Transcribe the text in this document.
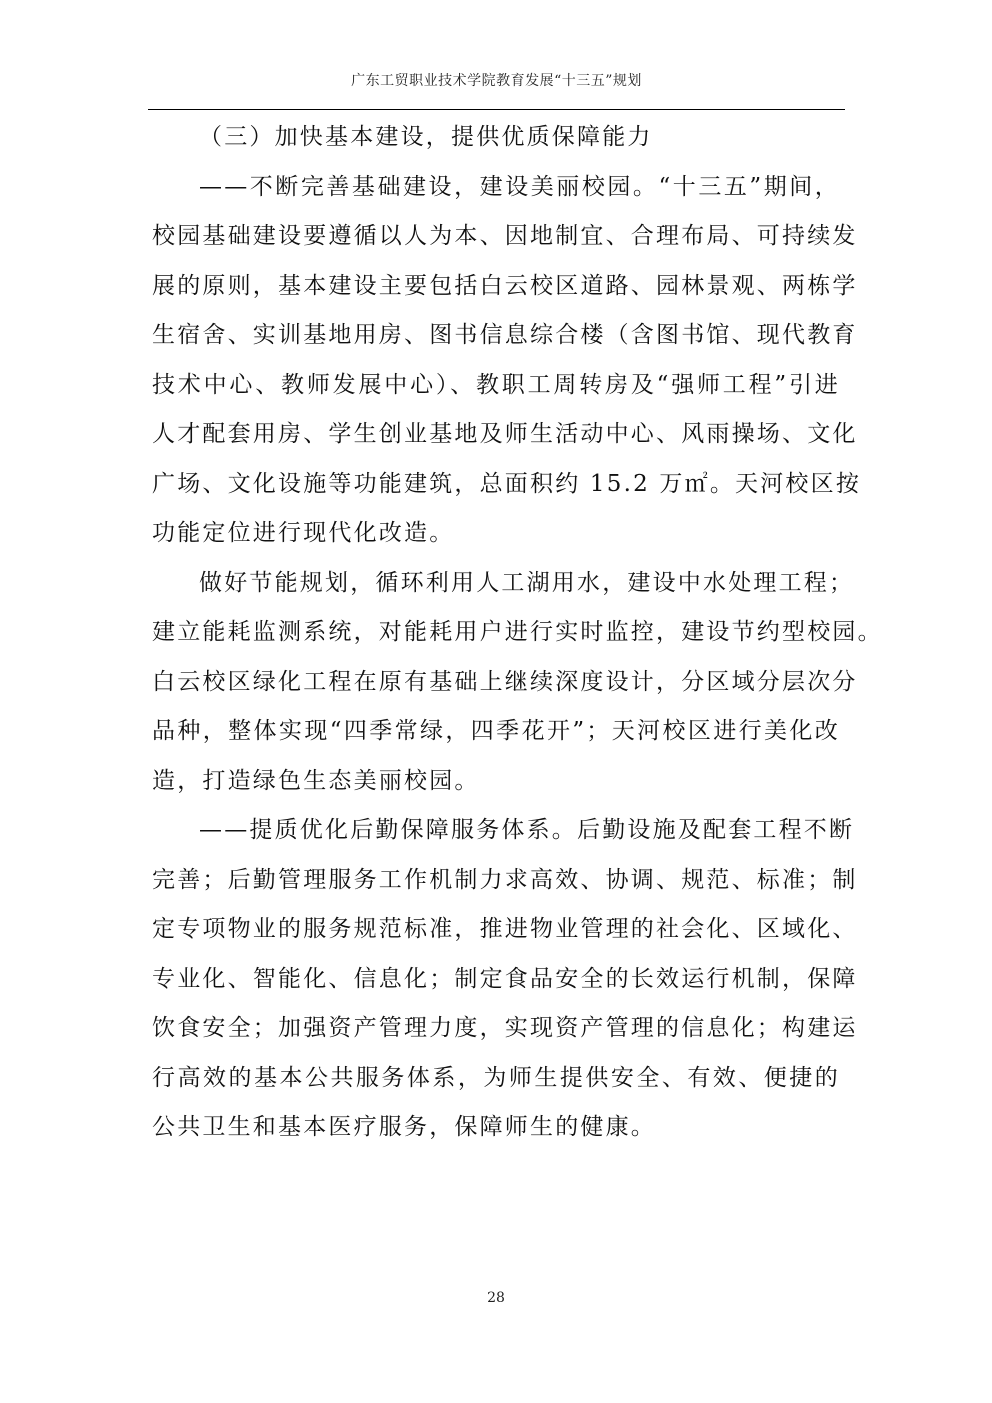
广东工贸职业技术学院教育发展“十三五”规划
（三）加快基本建设，提供优质保障能力
——不断完善基础建设，建设美丽校园。“十三五”期间，
校园基础建设要遵循以人为本、因地制宜、合理布局、可持续发
展的原则，基本建设主要包括白云校区道路、园林景观、两栋学
生宿舍、实训基地用房、图书信息综合楼（含图书馆、现代教育
技术中心、教师发展中心）、教职工周转房及“强师工程”引进
人才配套用房、学生创业基地及师生活动中心、风雨操场、文化
广场、文化设施等功能建筑，总面积约 15.2 万㎡。天河校区按
功能定位进行现代化改造。
做好节能规划，循环利用人工湖用水，建设中水处理工程；
建立能耗监测系统，对能耗用户进行实时监控，建设节约型校园。
白云校区绿化工程在原有基础上继续深度设计，分区域分层次分
品种，整体实现“四季常绿，四季花开”；天河校区进行美化改
造，打造绿色生态美丽校园。
——提质优化后勤保障服务体系。后勤设施及配套工程不断
完善；后勤管理服务工作机制力求高效、协调、规范、标准；制
定专项物业的服务规范标准，推进物业管理的社会化、区域化、
专业化、智能化、信息化；制定食品安全的长效运行机制，保障
饮食安全；加强资产管理力度，实现资产管理的信息化；构建运
行高效的基本公共服务体系，为师生提供安全、有效、便捷的
公共卫生和基本医疗服务，保障师生的健康。
28
